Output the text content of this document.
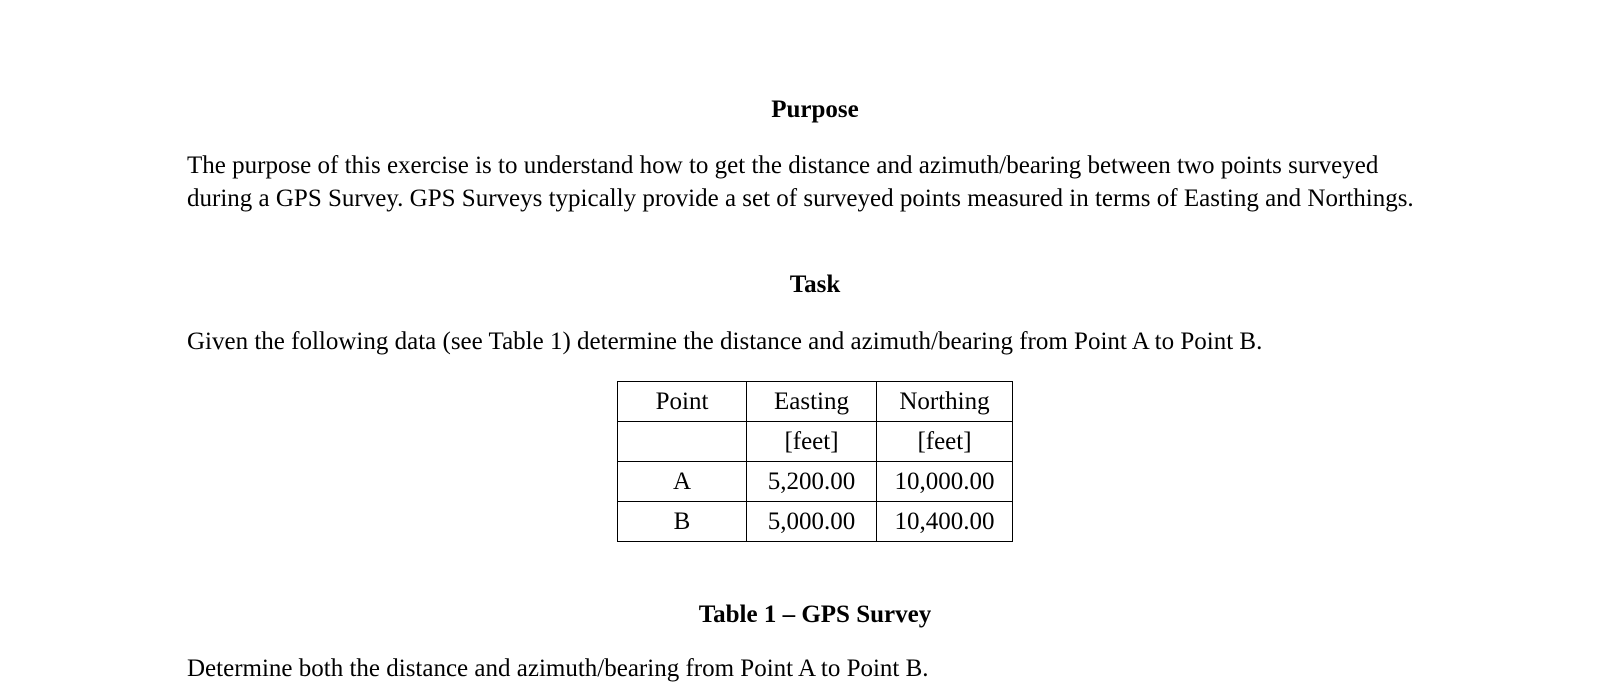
Purpose
The purpose of this exercise is to understand how to get the distance and azimuth/bearing between two points surveyed during a GPS Survey. GPS Surveys typically provide a set of surveyed points measured in terms of Easting and Northings.
Task
Given the following data (see Table 1) determine the distance and azimuth/bearing from Point A to Point B.
Point	Easting	Northing
	[feet]	[feet]
A	5,200.00	10,000.00
B	5,000.00	10,400.00
Table 1 – GPS Survey
Determine both the distance and azimuth/bearing from Point A to Point B.
